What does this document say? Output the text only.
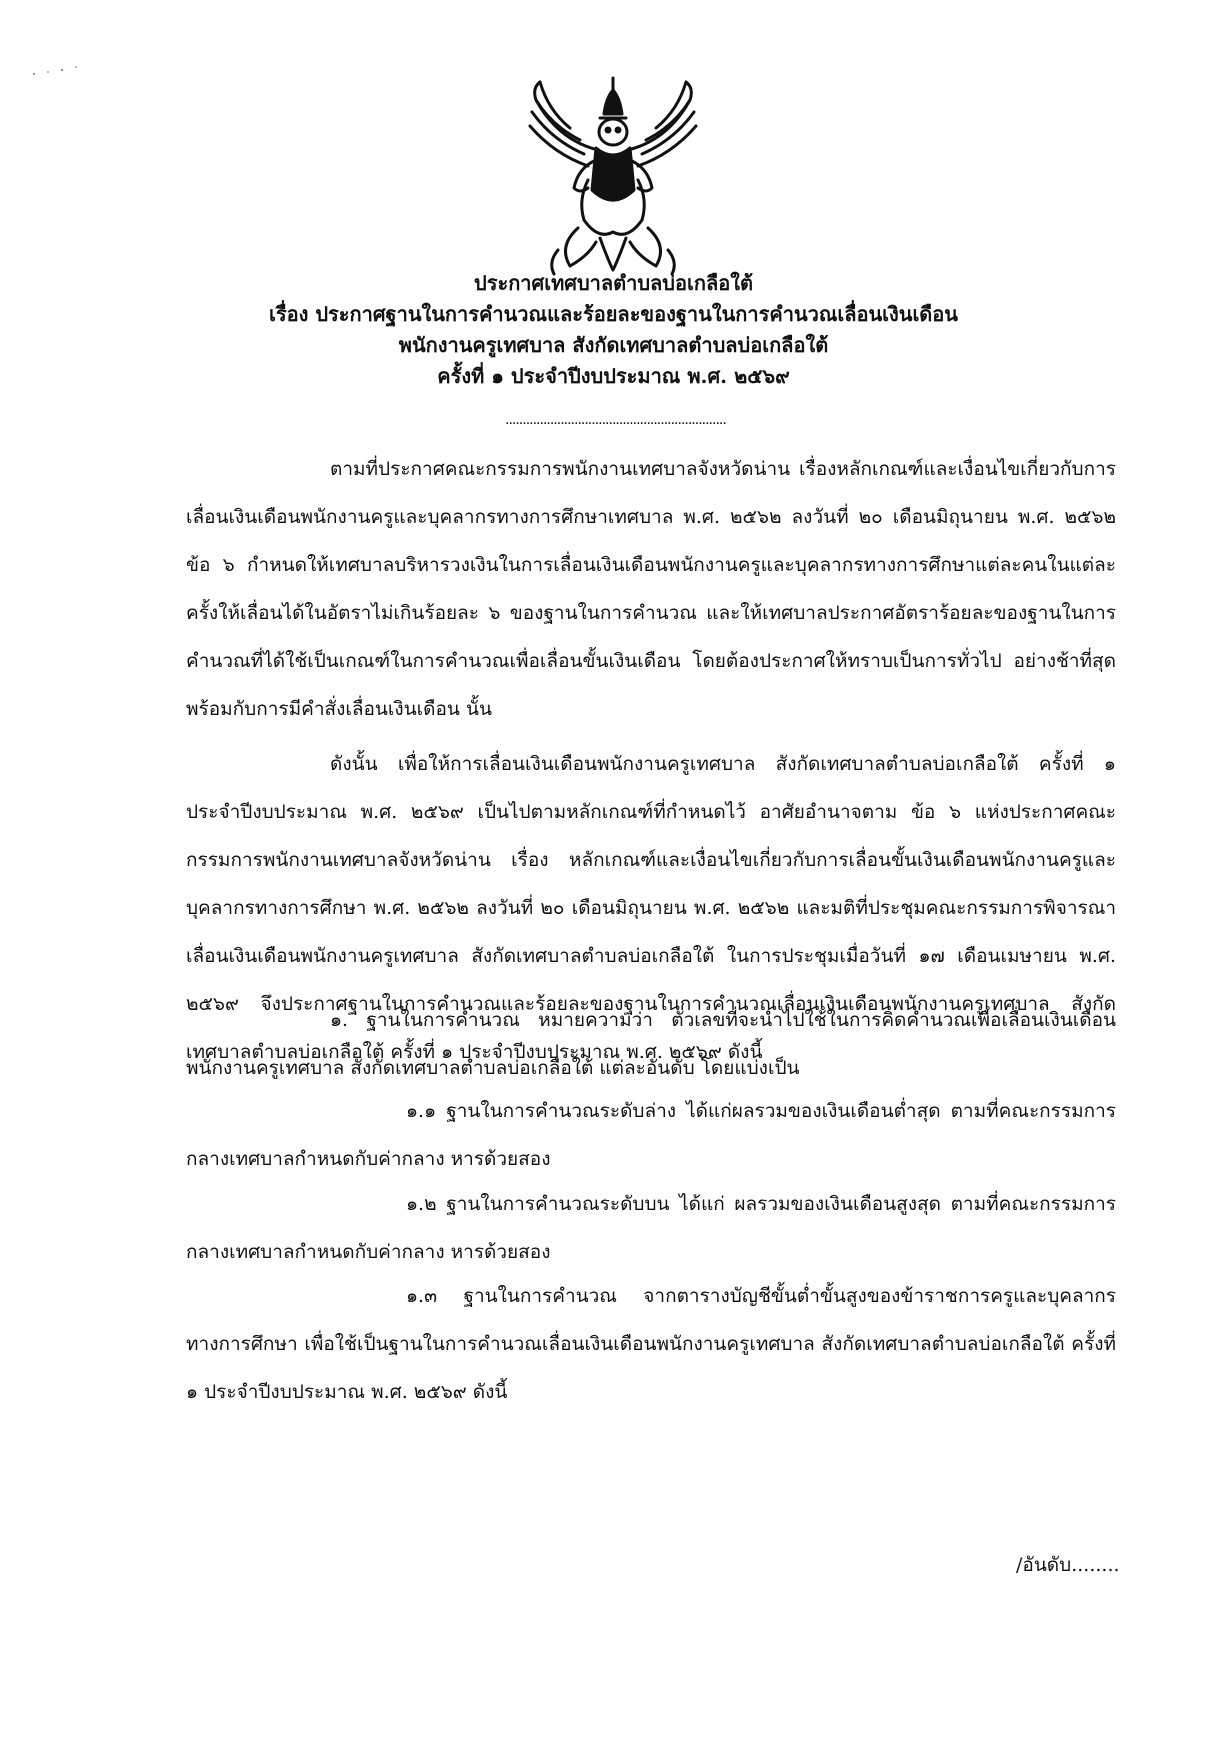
ประกาศเทศบาลตำบลบ่อเกลือใต้
เรื่อง ประกาศฐานในการคำนวณและร้อยละของฐานในการคำนวณเลื่อนเงินเดือน
พนักงานครูเทศบาล สังกัดเทศบาลตำบลบ่อเกลือใต้
ครั้งที่ ๑ ประจำปีงบประมาณ พ.ศ. ๒๕๖๙
................................................................

ตามที่ประกาศคณะกรรมการพนักงานเทศบาลจังหวัดน่าน เรื่องหลักเกณฑ์และเงื่อนไขเกี่ยวกับการเลื่อนเงินเดือนพนักงานครูและบุคลากรทางการศึกษาเทศบาล พ.ศ. ๒๕๖๒ ลงวันที่ ๒๐ เดือนมิถุนายน พ.ศ. ๒๕๖๒ ข้อ ๖ กำหนดให้เทศบาลบริหารวงเงินในการเลื่อนเงินเดือนพนักงานครูและบุคลากรทางการศึกษาแต่ละคนในแต่ละครั้งให้เลื่อนได้ในอัตราไม่เกินร้อยละ ๖ ของฐานในการคำนวณ และให้เทศบาลประกาศอัตราร้อยละของฐานในการคำนวณที่ได้ใช้เป็นเกณฑ์ในการคำนวณเพื่อเลื่อนขั้นเงินเดือน โดยต้องประกาศให้ทราบเป็นการทั่วไป อย่างช้าที่สุดพร้อมกับการมีคำสั่งเลื่อนเงินเดือน นั้น

ดังนั้น เพื่อให้การเลื่อนเงินเดือนพนักงานครูเทศบาล สังกัดเทศบาลตำบลบ่อเกลือใต้ ครั้งที่ ๑ ประจำปีงบประมาณ พ.ศ. ๒๕๖๙ เป็นไปตามหลักเกณฑ์ที่กำหนดไว้ อาศัยอำนาจตาม ข้อ ๖ แห่งประกาศคณะกรรมการพนักงานเทศบาลจังหวัดน่าน เรื่อง หลักเกณฑ์และเงื่อนไขเกี่ยวกับการเลื่อนขั้นเงินเดือนพนักงานครูและบุคลากรทางการศึกษา พ.ศ. ๒๕๖๒ ลงวันที่ ๒๐ เดือนมิถุนายน พ.ศ. ๒๕๖๒ และมติที่ประชุมคณะกรรมการพิจารณาเลื่อนเงินเดือนพนักงานครูเทศบาล สังกัดเทศบาลตำบลบ่อเกลือใต้ ในการประชุมเมื่อวันที่ ๑๗ เดือนเมษายน พ.ศ. ๒๕๖๙ จึงประกาศฐานในการคำนวณและร้อยละของฐานในการคำนวณเลื่อนเงินเดือนพนักงานครูเทศบาล สังกัดเทศบาลตำบลบ่อเกลือใต้ ครั้งที่ ๑ ประจำปีงบประมาณ พ.ศ. ๒๕๖๙ ดังนี้

๑. ฐานในการคำนวณ หมายความว่า ตัวเลขที่จะนำไปใช้ในการคิดคำนวณเพื่อเลื่อนเงินเดือนพนักงานครูเทศบาล สังกัดเทศบาลตำบลบ่อเกลือใต้ แต่ละอันดับ โดยแบ่งเป็น

๑.๑ ฐานในการคำนวณระดับล่าง ได้แก่ผลรวมของเงินเดือนต่ำสุด ตามที่คณะกรรมการกลางเทศบาลกำหนดกับค่ากลาง หารด้วยสอง

๑.๒ ฐานในการคำนวณระดับบน ได้แก่ ผลรวมของเงินเดือนสูงสุด ตามที่คณะกรรมการกลางเทศบาลกำหนดกับค่ากลาง หารด้วยสอง

๑.๓ ฐานในการคำนวณ จากตารางบัญชีขั้นต่ำขั้นสูงของข้าราชการครูและบุคลากรทางการศึกษา เพื่อใช้เป็นฐานในการคำนวณเลื่อนเงินเดือนพนักงานครูเทศบาล สังกัดเทศบาลตำบลบ่อเกลือใต้ ครั้งที่ ๑ ประจำปีงบประมาณ พ.ศ. ๒๕๖๙ ดังนี้

/อันดับ........
